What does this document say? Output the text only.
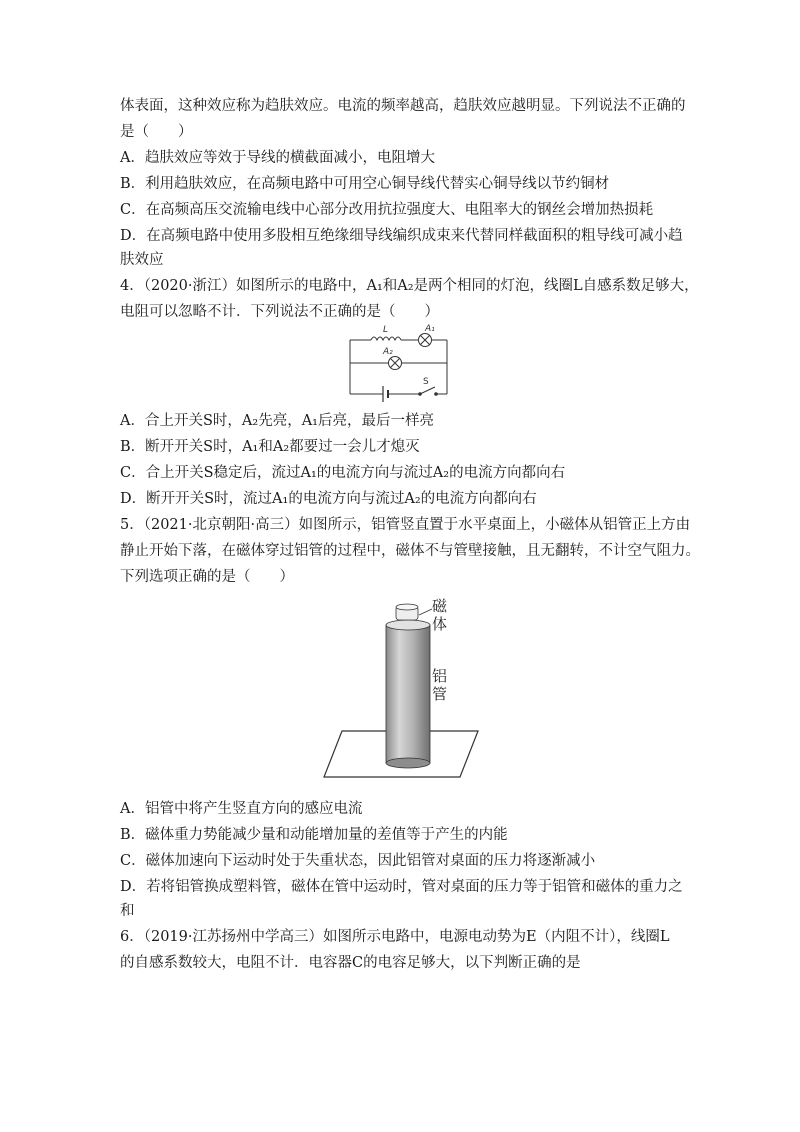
体表面，这种效应称为趋肤效应。电流的频率越高，趋肤效应越明显。下列说法不正确的
是（　　）
A．趋肤效应等效于导线的横截面减小，电阻增大
B．利用趋肤效应，在高频电路中可用空心铜导线代替实心铜导线以节约铜材
C．在高频高压交流输电线中心部分改用抗拉强度大、电阻率大的钢丝会增加热损耗
D．在高频电路中使用多股相互绝缘细导线编织成束来代替同样截面积的粗导线可减小趋
肤效应
4．（2020·浙江）如图所示的电路中，A₁和A₂是两个相同的灯泡，线圈L自感系数足够大，
电阻可以忽略不计．下列说法不正确的是（　　）
L	A₁
A₂
S
A．合上开关S时，A₂先亮，A₁后亮，最后一样亮
B．断开开关S时，A₁和A₂都要过一会儿才熄灭
C．合上开关S稳定后，流过A₁的电流方向与流过A₂的电流方向都向右
D．断开开关S时，流过A₁的电流方向与流过A₂的电流方向都向右
5．（2021·北京朝阳·高三）如图所示，铝管竖直置于水平桌面上，小磁体从铝管正上方由
静止开始下落，在磁体穿过铝管的过程中，磁体不与管壁接触，且无翻转，不计空气阻力。
下列选项正确的是（　　）
磁
体
铝
管
A．铝管中将产生竖直方向的感应电流
B．磁体重力势能减少量和动能增加量的差值等于产生的内能
C．磁体加速向下运动时处于失重状态，因此铝管对桌面的压力将逐渐减小
D．若将铝管换成塑料管，磁体在管中运动时，管对桌面的压力等于铝管和磁体的重力之
和
6．（2019·江苏扬州中学高三）如图所示电路中，电源电动势为E（内阻不计），线圈L
的自感系数较大，电阻不计．电容器C的电容足够大，以下判断正确的是
